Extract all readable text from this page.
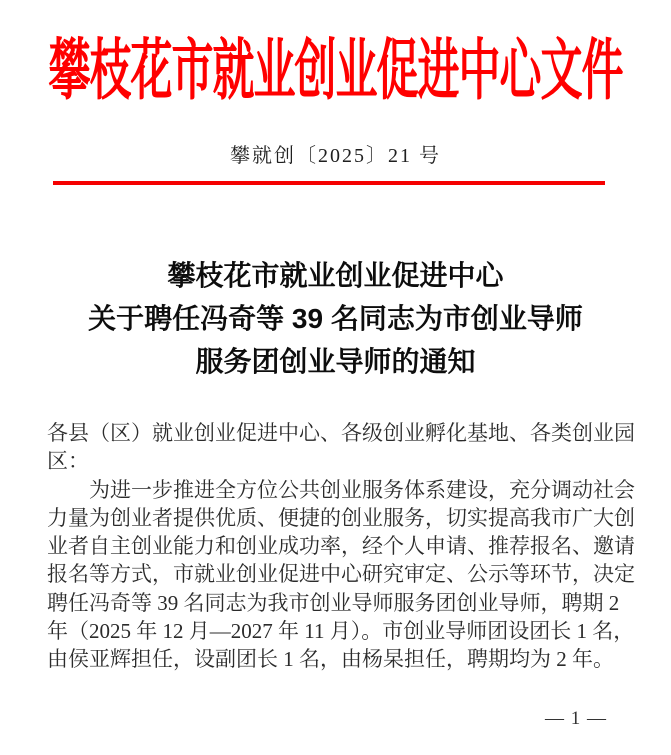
攀枝花市就业创业促进中心文件
攀就创〔2025〕21 号
攀枝花市就业创业促进中心
关于聘任冯奇等 39 名同志为市创业导师
服务团创业导师的通知
各县（区）就业创业促进中心、各级创业孵化基地、各类创业园
区：
为进一步推进全方位公共创业服务体系建设，充分调动社会
力量为创业者提供优质、便捷的创业服务，切实提高我市广大创
业者自主创业能力和创业成功率，经个人申请、推荐报名、邀请
报名等方式，市就业创业促进中心研究审定、公示等环节，决定
聘任冯奇等 39 名同志为我市创业导师服务团创业导师，聘期 2
年（2025 年 12 月—2027 年 11 月）。市创业导师团设团长 1 名，
由侯亚辉担任，设副团长 1 名，由杨杲担任，聘期均为 2 年。
— 1 —
